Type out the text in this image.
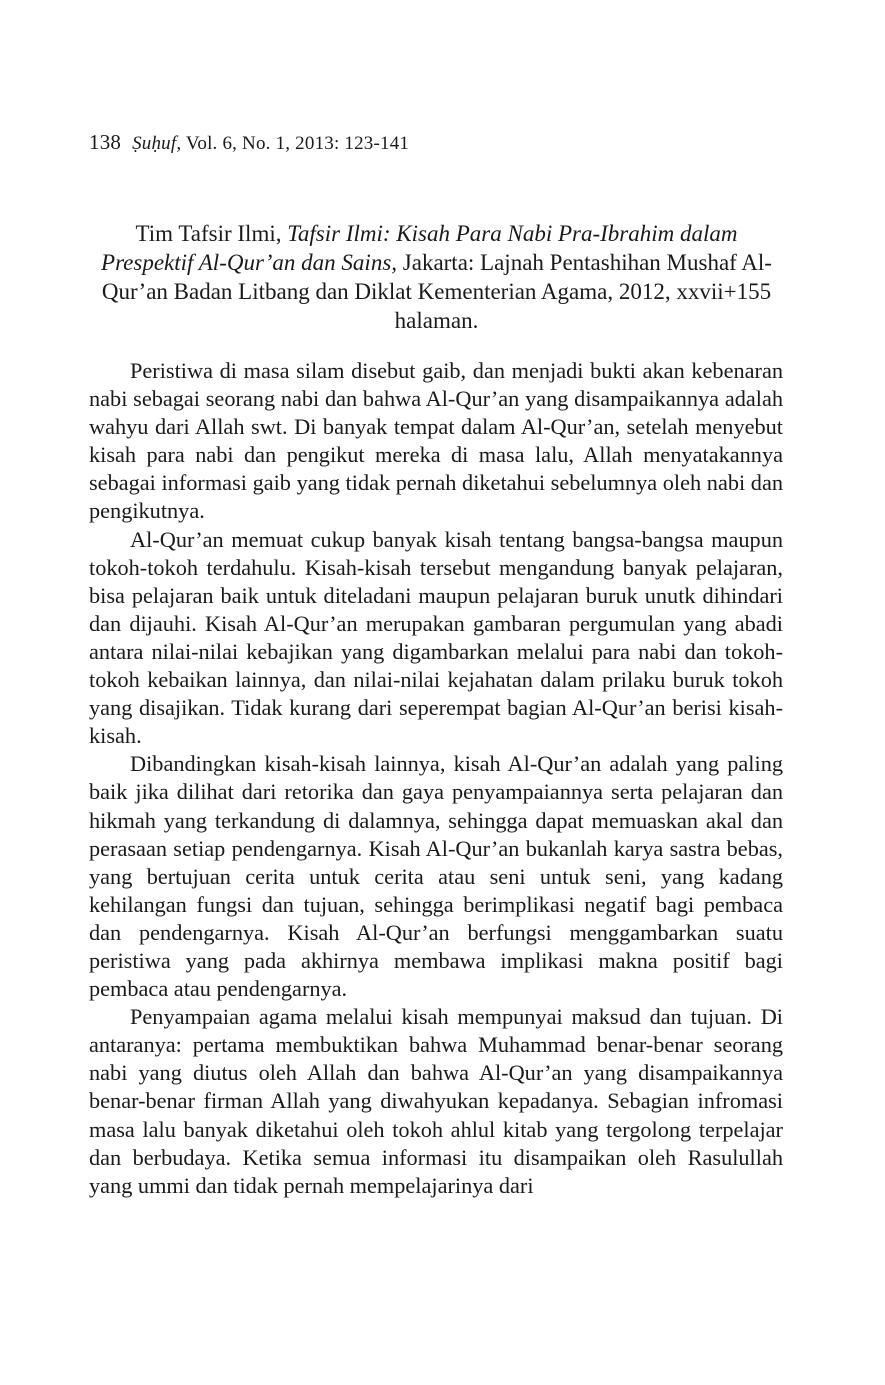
138 Ṣuḥuf, Vol. 6, No. 1, 2013: 123-141
Tim Tafsir Ilmi, Tafsir Ilmi: Kisah Para Nabi Pra-Ibrahim dalam Prespektif Al-Qur’an dan Sains, Jakarta: Lajnah Pentashihan Mushaf Al-Qur’an Badan Litbang dan Diklat Kementerian Agama, 2012, xxvii+155 halaman.

Peristiwa di masa silam disebut gaib, dan menjadi bukti akan kebenaran nabi sebagai seorang nabi dan bahwa Al-Qur’an yang disampaikannya adalah wahyu dari Allah swt. Di banyak tempat dalam Al-Qur’an, setelah menyebut kisah para nabi dan pengikut mereka di masa lalu, Allah menyatakannya sebagai informasi gaib yang tidak pernah diketahui sebelumnya oleh nabi dan pengikutnya.

Al-Qur’an memuat cukup banyak kisah tentang bangsa-bangsa maupun tokoh-tokoh terdahulu. Kisah-kisah tersebut mengandung banyak pelajaran, bisa pelajaran baik untuk diteladani maupun pelajaran buruk unutk dihindari dan dijauhi. Kisah Al-Qur’an merupakan gambaran pergumulan yang abadi antara nilai-nilai kebajikan yang digambarkan melalui para nabi dan tokoh-tokoh kebaikan lainnya, dan nilai-nilai kejahatan dalam prilaku buruk tokoh yang disajikan. Tidak kurang dari seperempat bagian Al-Qur’an berisi kisah-kisah.

Dibandingkan kisah-kisah lainnya, kisah Al-Qur’an adalah yang paling baik jika dilihat dari retorika dan gaya penyampaiannya serta pelajaran dan hikmah yang terkandung di dalamnya, sehingga dapat memuaskan akal dan perasaan setiap pendengarnya. Kisah Al-Qur’an bukanlah karya sastra bebas, yang bertujuan cerita untuk cerita atau seni untuk seni, yang kadang kehilangan fungsi dan tujuan, sehingga berimplikasi negatif bagi pembaca dan pendengarnya. Kisah Al-Qur’an berfungsi menggambarkan suatu peristiwa yang pada akhirnya membawa implikasi makna positif bagi pembaca atau pendengarnya.

Penyampaian agama melalui kisah mempunyai maksud dan tujuan. Di antaranya: pertama membuktikan bahwa Muhammad benar-benar seorang nabi yang diutus oleh Allah dan bahwa Al-Qur’an yang disampaikannya benar-benar firman Allah yang diwahyukan kepadanya. Sebagian infromasi masa lalu banyak diketahui oleh tokoh ahlul kitab yang tergolong terpelajar dan berbudaya. Ketika semua informasi itu disampaikan oleh Rasulullah yang ummi dan tidak pernah mempelajarinya dari
